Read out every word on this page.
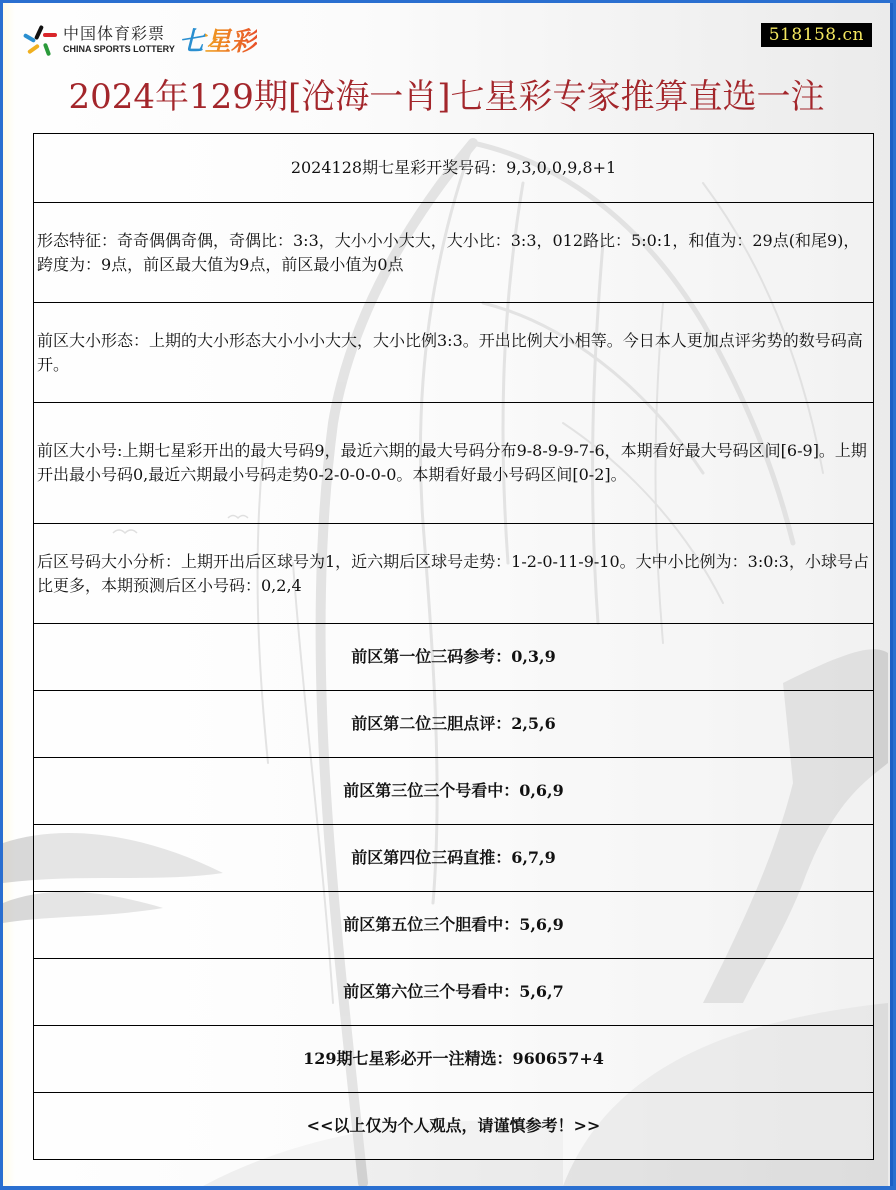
中国体育彩票
CHINA SPORTS LOTTERY 七星彩	518158.cn
2024年129期[沧海一肖]七星彩专家推算直选一注
2024128期七星彩开奖号码：9,3,0,0,9,8+1
形态特征：奇奇偶偶奇偶，奇偶比：3:3，大小小小大大，大小比：3:3，012路比：5:0:1，和值为：29点(和尾9)，跨度为：9点，前区最大值为9点，前区最小值为0点
前区大小形态：上期的大小形态大小小小大大，大小比例3:3。开出比例大小相等。今日本人更加点评劣势的数号码高开。
前区大小号:上期七星彩开出的最大号码9，最近六期的最大号码分布9-8-9-9-7-6，本期看好最大号码区间[6-9]。上期开出最小号码0,最近六期最小号码走势0-2-0-0-0-0。本期看好最小号码区间[0-2]。
后区号码大小分析：上期开出后区球号为1，近六期后区球号走势：1-2-0-11-9-10。大中小比例为：3:0:3，小球号占比更多，本期预测后区小号码：0,2,4
前区第一位三码参考：0,3,9
前区第二位三胆点评：2,5,6
前区第三位三个号看中：0,6,9
前区第四位三码直推：6,7,9
前区第五位三个胆看中：5,6,9
前区第六位三个号看中：5,6,7
129期七星彩必开一注精选：960657+4
<<以上仅为个人观点，请谨慎参考！>>
